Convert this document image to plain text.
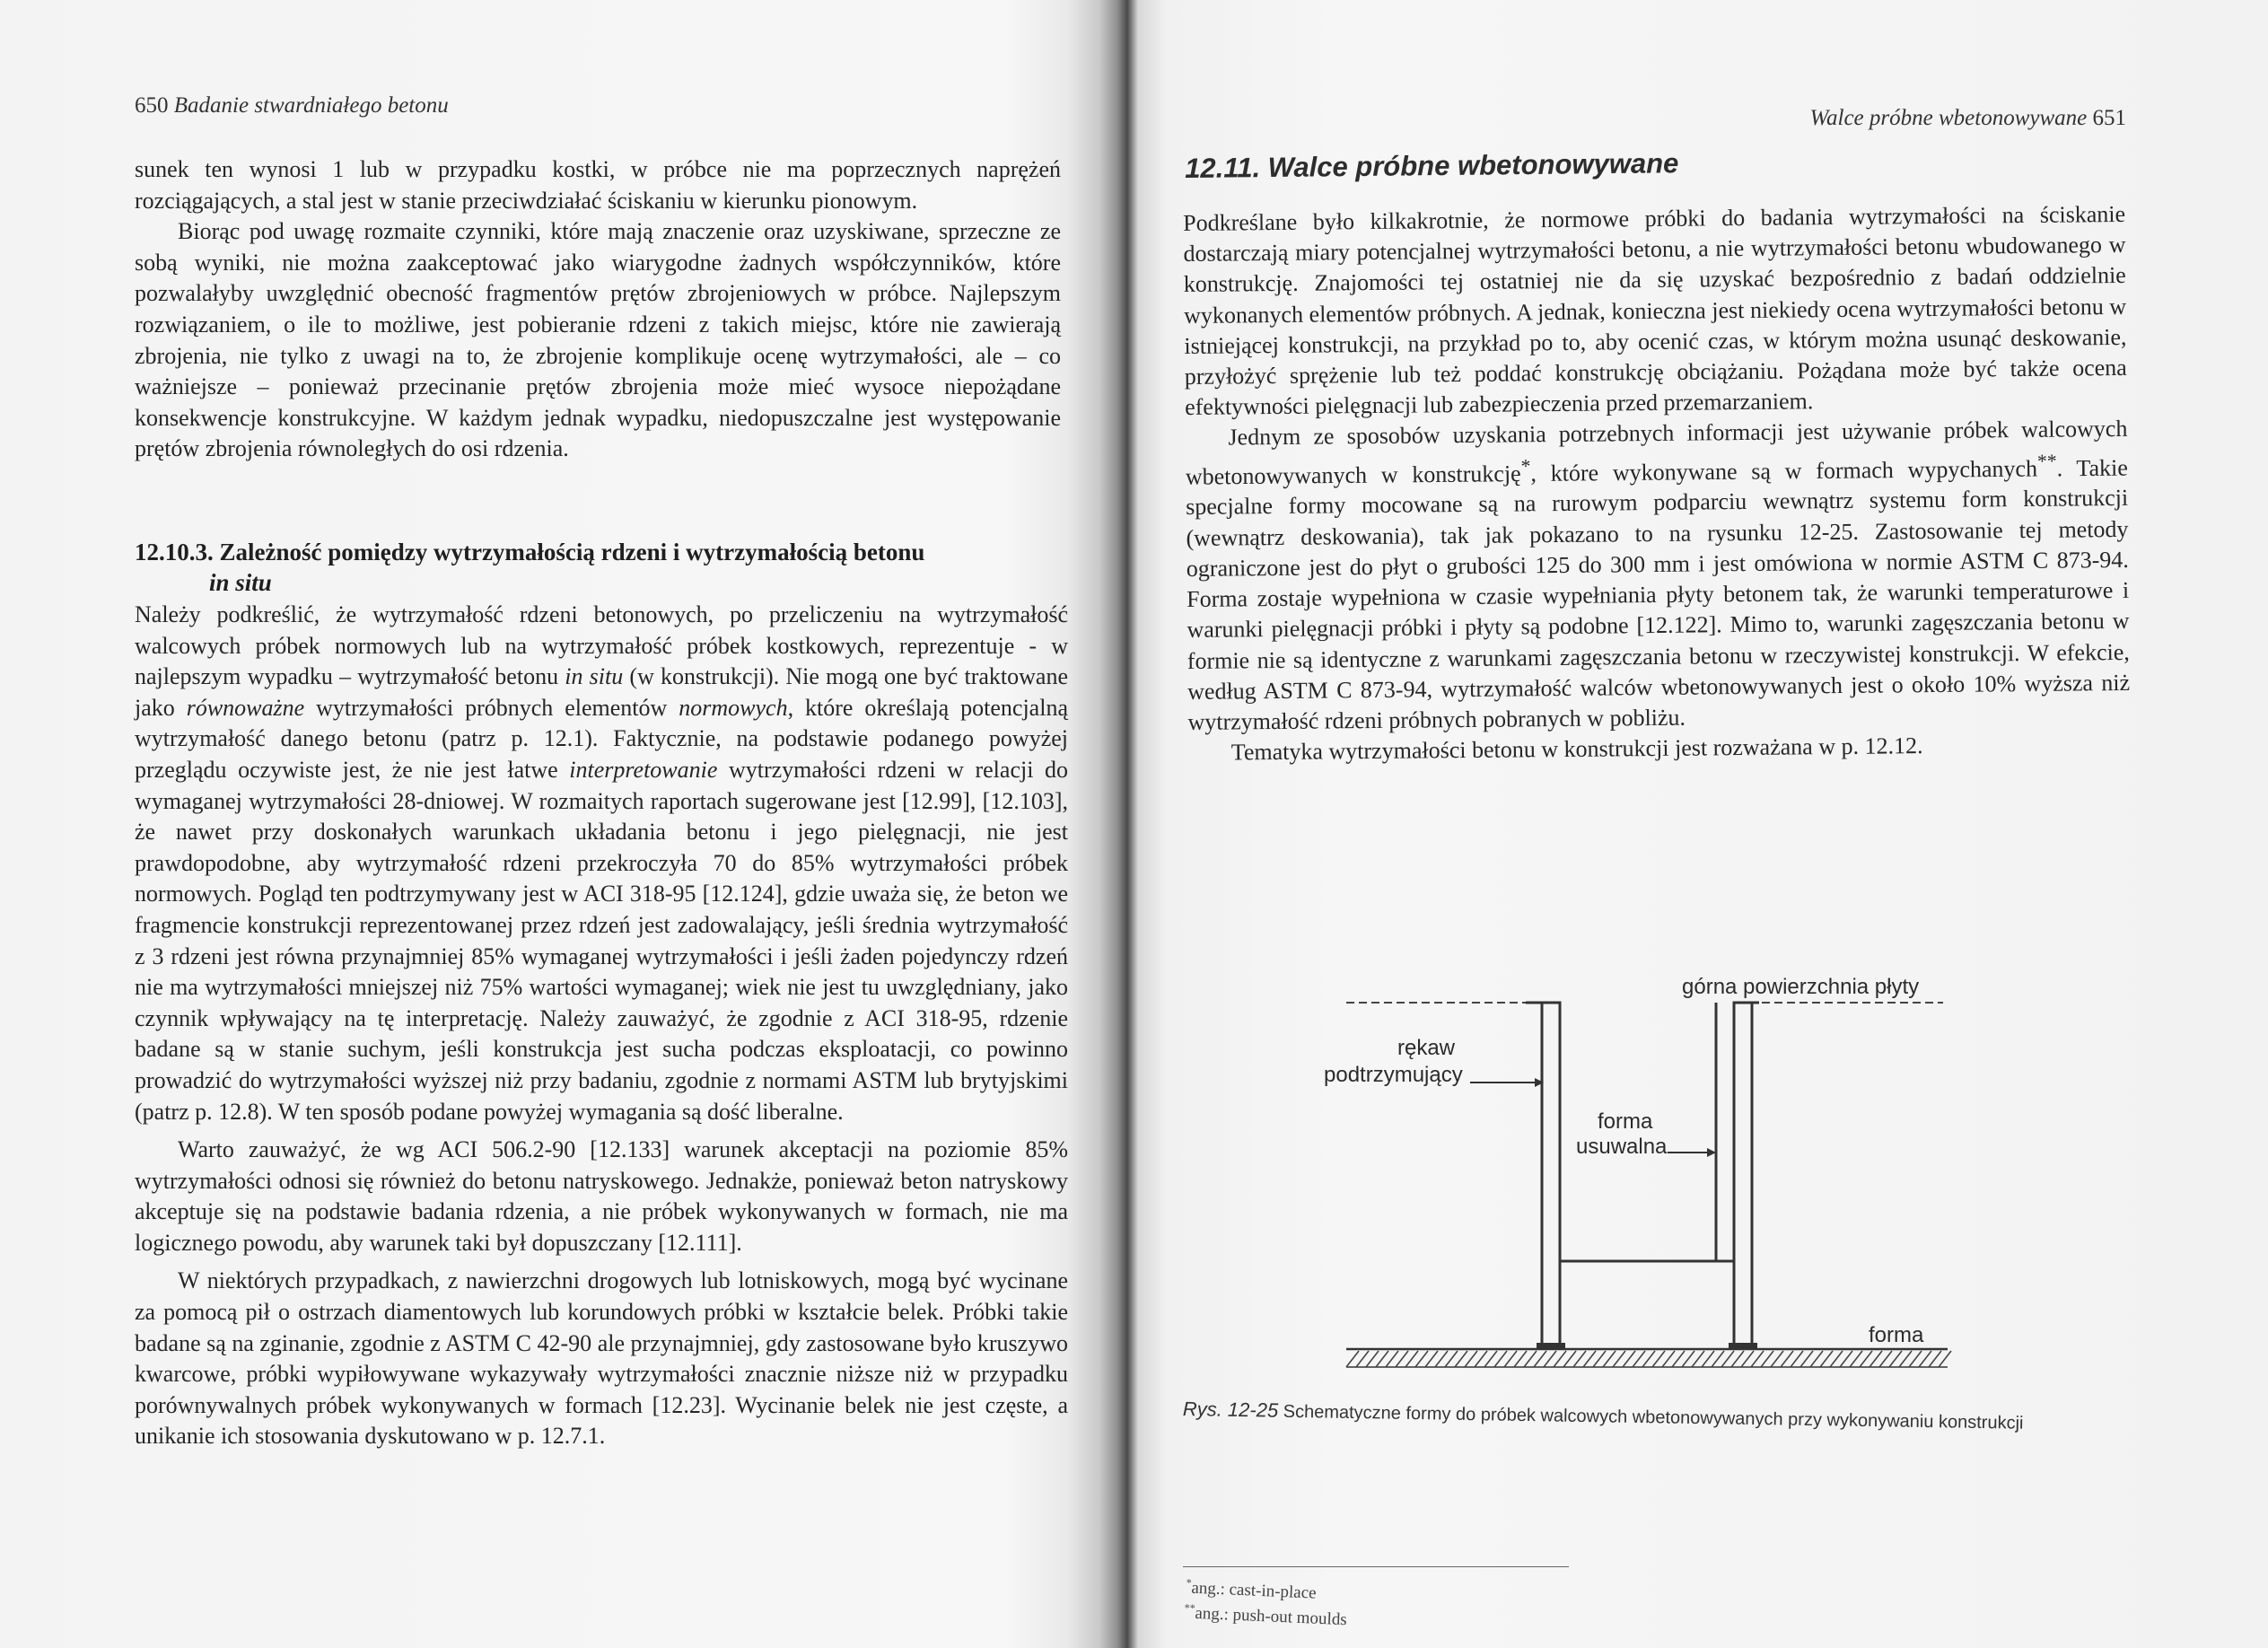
650 Badanie stwardniałego betonu

sunek ten wynosi 1 lub w przypadku kostki, w próbce nie ma poprzecznych naprężeń rozciągających, a stal jest w stanie przeciwdziałać ściskaniu w kierunku pionowym.

Biorąc pod uwagę rozmaite czynniki, które mają znaczenie oraz uzyskiwane, sprzeczne ze sobą wyniki, nie można zaakceptować jako wiarygodne żadnych współczynników, które pozwalałyby uwzględnić obecność fragmentów prętów zbrojeniowych w próbce. Najlepszym rozwiązaniem, o ile to możliwe, jest pobieranie rdzeni z takich miejsc, które nie zawierają zbrojenia, nie tylko z uwagi na to, że zbrojenie komplikuje ocenę wytrzymałości, ale – co ważniejsze – ponieważ przecinanie prętów zbrojenia może mieć wysoce niepożądane konsekwencje konstrukcyjne. W każdym jednak wypadku, niedopuszczalne jest występowanie prętów zbrojenia równoległych do osi rdzenia.

12.10.3. Zależność pomiędzy wytrzymałością rdzeni i wytrzymałością betonu
in situ

Należy podkreślić, że wytrzymałość rdzeni betonowych, po przeliczeniu na wytrzymałość walcowych próbek normowych lub na wytrzymałość próbek kostkowych, reprezentuje - w najlepszym wypadku – wytrzymałość betonu in situ (w konstrukcji). Nie mogą one być traktowane jako równoważne wytrzymałości próbnych elementów normowych, które określają potencjalną wytrzymałość danego betonu (patrz p. 12.1). Faktycznie, na podstawie podanego powyżej przeglądu oczywiste jest, że nie jest łatwe interpretowanie wytrzymałości rdzeni w relacji do wymaganej wytrzymałości 28-dniowej. W rozmaitych raportach sugerowane jest [12.99], [12.103], że nawet przy doskonałych warunkach układania betonu i jego pielęgnacji, nie jest prawdopodobne, aby wytrzymałość rdzeni przekroczyła 70 do 85% wytrzymałości próbek normowych. Pogląd ten podtrzymywany jest w ACI 318-95 [12.124], gdzie uważa się, że beton we fragmencie konstrukcji reprezentowanej przez rdzeń jest zadowalający, jeśli średnia wytrzymałość z 3 rdzeni jest równa przynajmniej 85% wymaganej wytrzymałości i jeśli żaden pojedynczy rdzeń nie ma wytrzymałości mniejszej niż 75% wartości wymaganej; wiek nie jest tu uwzględniany, jako czynnik wpływający na tę interpretację. Należy zauważyć, że zgodnie z ACI 318-95, rdzenie badane są w stanie suchym, jeśli konstrukcja jest sucha podczas eksploatacji, co powinno prowadzić do wytrzymałości wyższej niż przy badaniu, zgodnie z normami ASTM lub brytyjskimi (patrz p. 12.8). W ten sposób podane powyżej wymagania są dość liberalne.

Warto zauważyć, że wg ACI 506.2-90 [12.133] warunek akceptacji na poziomie 85% wytrzymałości odnosi się również do betonu natryskowego. Jednakże, ponieważ beton natryskowy akceptuje się na podstawie badania rdzenia, a nie próbek wykonywanych w formach, nie ma logicznego powodu, aby warunek taki był dopuszczany [12.111].

W niektórych przypadkach, z nawierzchni drogowych lub lotniskowych, mogą być wycinane za pomocą pił o ostrzach diamentowych lub korundowych próbki w kształcie belek. Próbki takie badane są na zginanie, zgodnie z ASTM C 42-90 ale przynajmniej, gdy zastosowane było kruszywo kwarcowe, próbki wypiłowywane wykazywały wytrzymałości znacznie niższe niż w przypadku porównywalnych próbek wykonywanych w formach [12.23]. Wycinanie belek nie jest częste, a unikanie ich stosowania dyskutowano w p. 12.7.1.

Walce próbne wbetonowywane 651
12.11. Walce próbne wbetonowywane

Podkreślane było kilkakrotnie, że normowe próbki do badania wytrzymałości na ściskanie dostarczają miary potencjalnej wytrzymałości betonu, a nie wytrzymałości betonu wbudowanego w konstrukcję. Znajomości tej ostatniej nie da się uzyskać bezpośrednio z badań oddzielnie wykonanych elementów próbnych. A jednak, konieczna jest niekiedy ocena wytrzymałości betonu w istniejącej konstrukcji, na przykład po to, aby ocenić czas, w którym można usunąć deskowanie, przyłożyć sprężenie lub też poddać konstrukcję obciążaniu. Pożądana może być także ocena efektywności pielęgnacji lub zabezpieczenia przed przemarzaniem.

Jednym ze sposobów uzyskania potrzebnych informacji jest używanie próbek walcowych wbetonowywanych w konstrukcję*, które wykonywane są w formach wypychanych**. Takie specjalne formy mocowane są na rurowym podparciu wewnątrz systemu form konstrukcji (wewnątrz deskowania), tak jak pokazano to na rysunku 12-25. Zastosowanie tej metody ograniczone jest do płyt o grubości 125 do 300 mm i jest omówiona w normie ASTM C 873-94. Forma zostaje wypełniona w czasie wypełniania płyty betonem tak, że warunki temperaturowe i warunki pielęgnacji próbki i płyty są podobne [12.122]. Mimo to, warunki zagęszczania betonu w formie nie są identyczne z warunkami zagęszczania betonu w rzeczywistej konstrukcji. W efekcie, według ASTM C 873-94, wytrzymałość walców wbetonowywanych jest o około 10% wyższa niż wytrzymałość rdzeni próbnych pobranych w pobliżu.

Tematyka wytrzymałości betonu w konstrukcji jest rozważana w p. 12.12.

górna powierzchnia płyty
rękaw
podtrzymujący
forma
usuwalna
forma
Rys. 12-25 Schematyczne formy do próbek walcowych wbetonowywanych przy wykonywaniu konstrukcji
*ang.: cast-in-place
**ang.: push-out moulds
